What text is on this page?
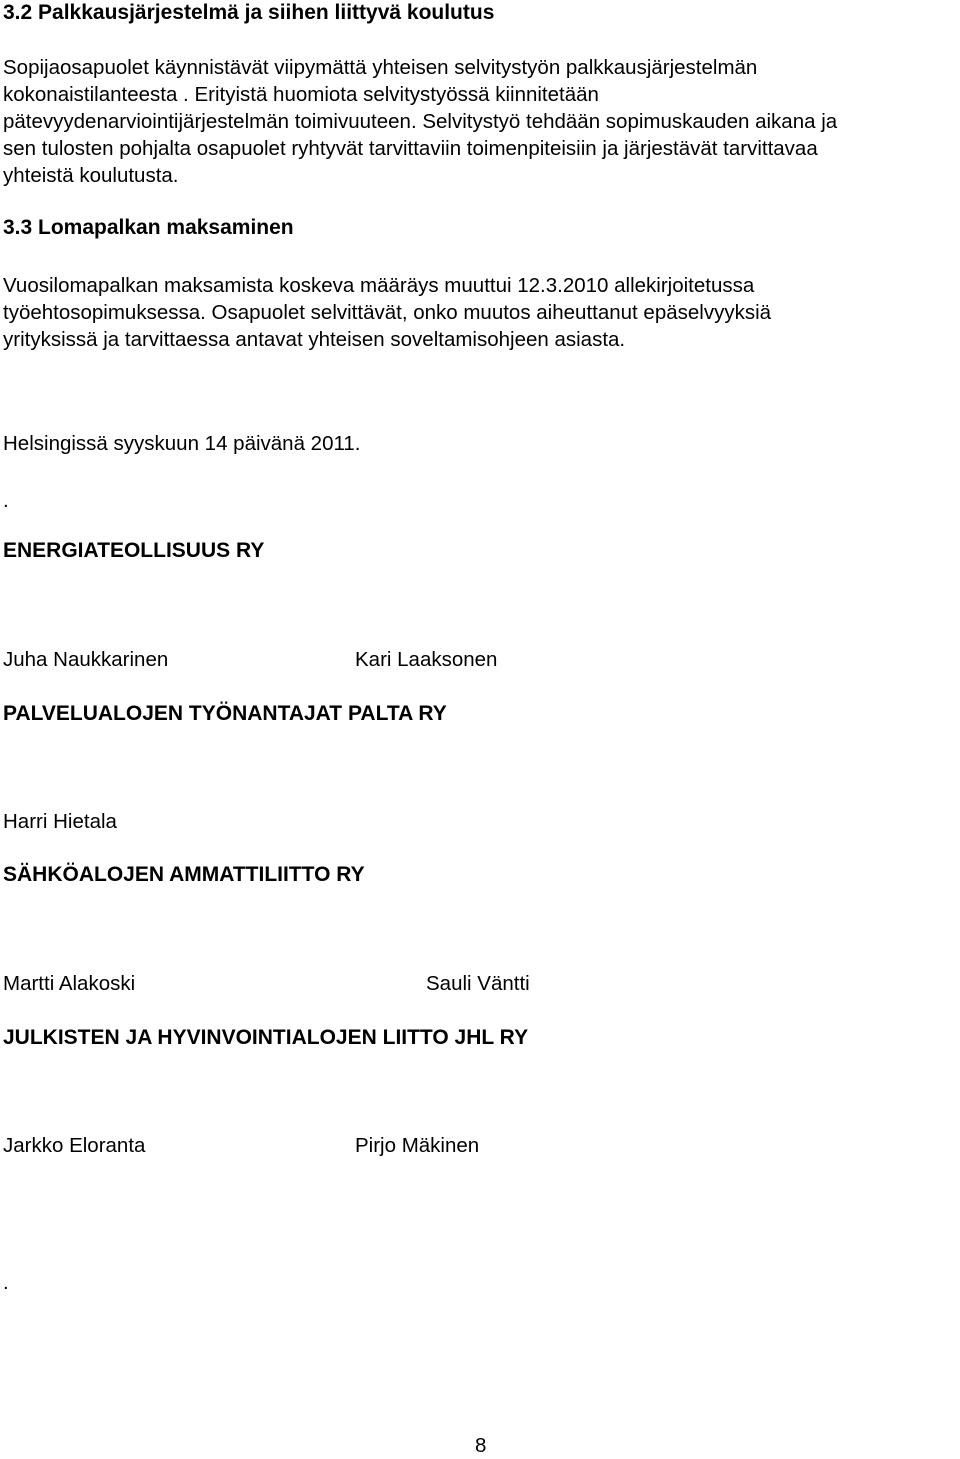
3.2 Palkkausjärjestelmä ja siihen liittyvä koulutus

Sopijaosapuolet käynnistävät viipymättä yhteisen selvitystyön palkkausjärjestelmän
kokonaistilanteesta . Erityistä huomiota selvitystyössä kiinnitetään
pätevyydenarviointijärjestelmän toimivuuteen. Selvitystyö tehdään sopimuskauden aikana ja
sen tulosten pohjalta osapuolet ryhtyvät tarvittaviin toimenpiteisiin ja järjestävät tarvittavaa
yhteistä koulutusta.

3.3 Lomapalkan maksaminen

Vuosilomapalkan maksamista koskeva määräys muuttui 12.3.2010 allekirjoitetussa
työehtosopimuksessa. Osapuolet selvittävät, onko muutos aiheuttanut epäselvyyksiä
yrityksissä ja tarvittaessa antavat yhteisen soveltamisohjeen asiasta.

Helsingissä syyskuun 14 päivänä 2011.

.

ENERGIATEOLLISUUS RY

Juha Naukkarinen	Kari Laaksonen

PALVELUALOJEN TYÖNANTAJAT PALTA RY

Harri Hietala

SÄHKÖALOJEN AMMATTILIITTO RY

Martti Alakoski	Sauli Väntti

JULKISTEN JA HYVINVOINTIALOJEN LIITTO JHL RY

Jarkko Eloranta	Pirjo Mäkinen

.

8
